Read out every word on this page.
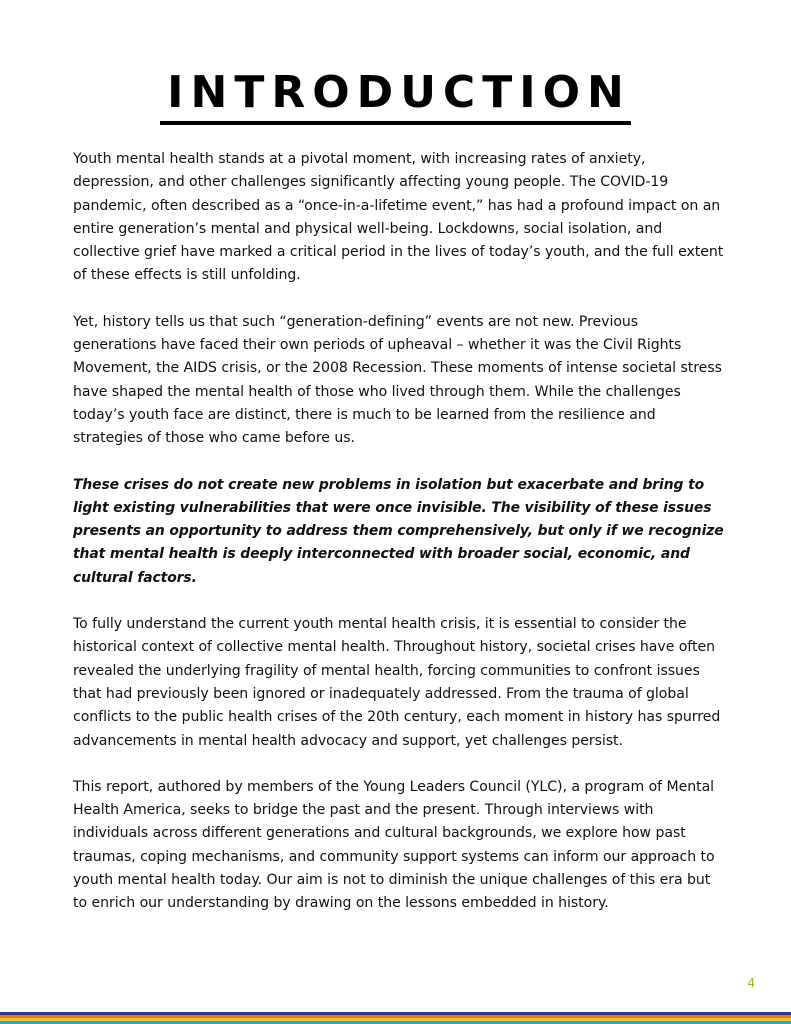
INTRODUCTION

Youth mental health stands at a pivotal moment, with increasing rates of anxiety, depression, and other challenges significantly affecting young people. The COVID-19 pandemic, often described as a “once-in-a-lifetime event,” has had a profound impact on an entire generation’s mental and physical well-being. Lockdowns, social isolation, and collective grief have marked a critical period in the lives of today’s youth, and the full extent of these effects is still unfolding.

Yet, history tells us that such “generation-defining” events are not new. Previous generations have faced their own periods of upheaval – whether it was the Civil Rights Movement, the AIDS crisis, or the 2008 Recession. These moments of intense societal stress have shaped the mental health of those who lived through them. While the challenges today’s youth face are distinct, there is much to be learned from the resilience and strategies of those who came before us.

These crises do not create new problems in isolation but exacerbate and bring to light existing vulnerabilities that were once invisible. The visibility of these issues presents an opportunity to address them comprehensively, but only if we recognize that mental health is deeply interconnected with broader social, economic, and cultural factors.

To fully understand the current youth mental health crisis, it is essential to consider the historical context of collective mental health. Throughout history, societal crises have often revealed the underlying fragility of mental health, forcing communities to confront issues that had previously been ignored or inadequately addressed. From the trauma of global conflicts to the public health crises of the 20th century, each moment in history has spurred advancements in mental health advocacy and support, yet challenges persist.

This report, authored by members of the Young Leaders Council (YLC), a program of Mental Health America, seeks to bridge the past and the present. Through interviews with individuals across different generations and cultural backgrounds, we explore how past traumas, coping mechanisms, and community support systems can inform our approach to youth mental health today. Our aim is not to diminish the unique challenges of this era but to enrich our understanding by drawing on the lessons embedded in history.

4
